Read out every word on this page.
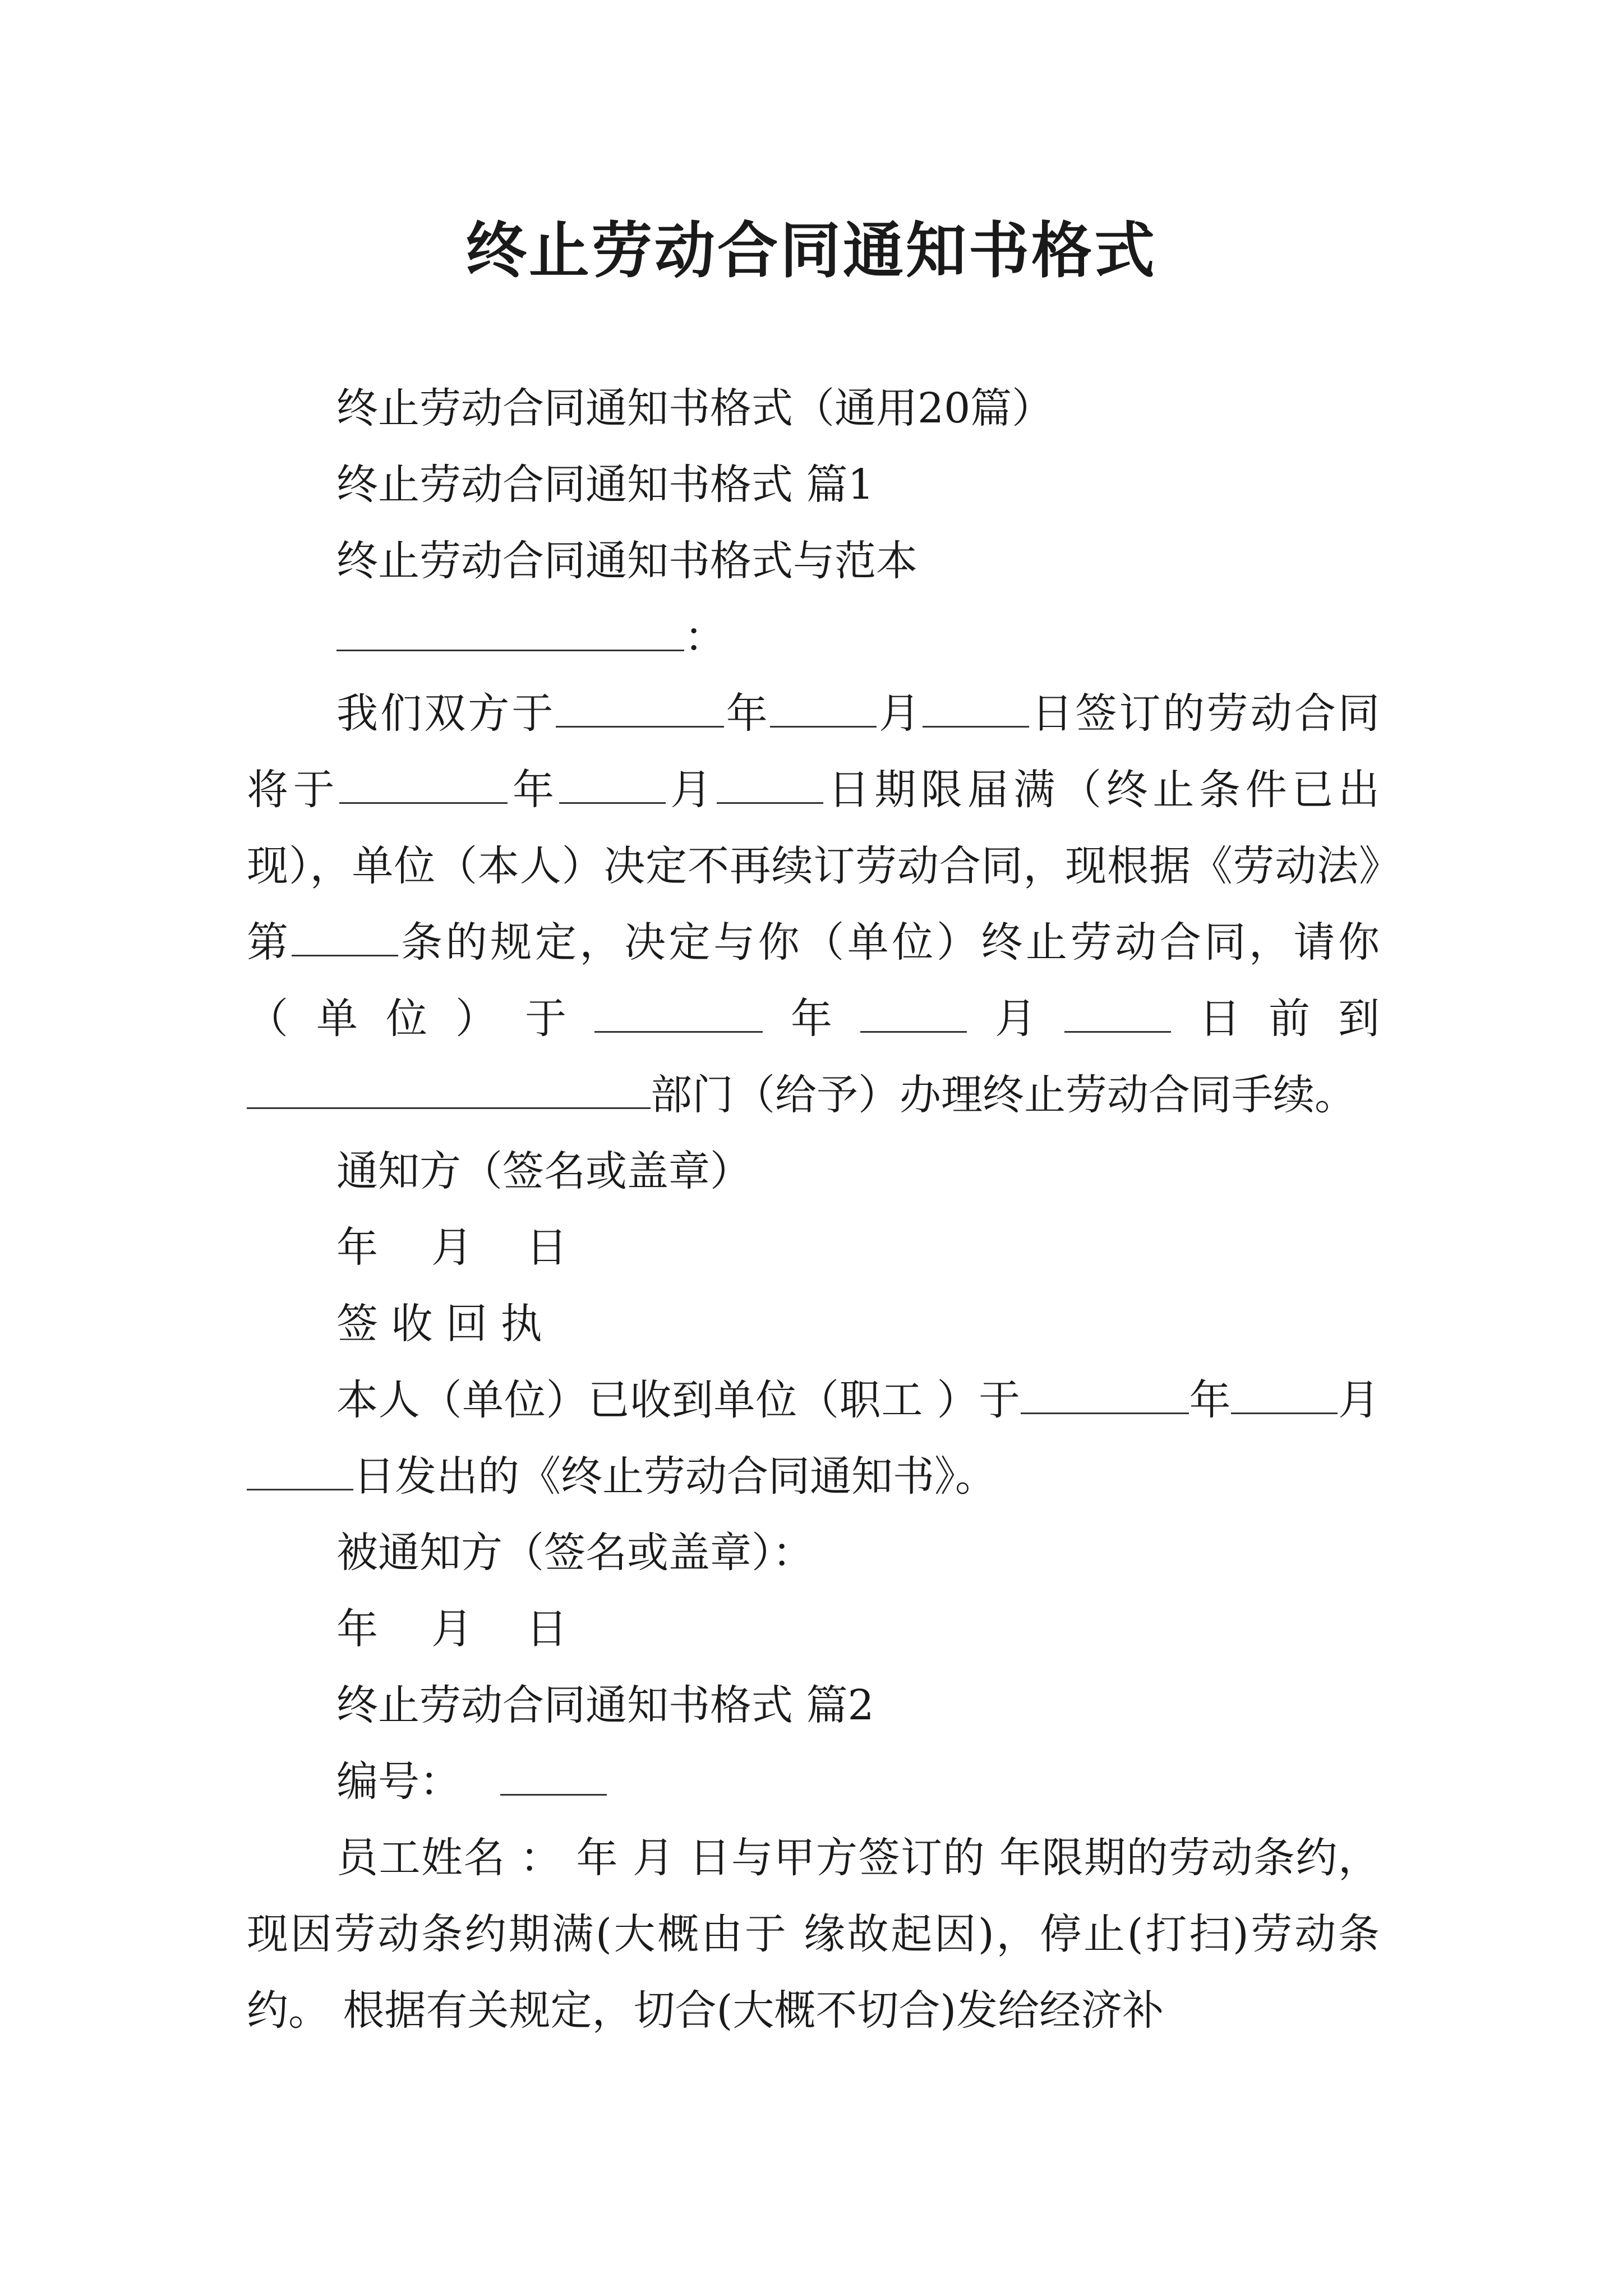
终止劳动合同通知书格式

终止劳动合同通知书格式（通用20篇）

终止劳动合同通知书格式 篇1

终止劳动合同通知书格式与范本

：

我们双方于	年	月	日签订的劳动合同将于	年	月	日期限届满（终止条件已出现），单位（本人）决定不再续订劳动合同，现根据《劳动法》第	条的规定，决定与你（单位）终止劳动合同，请你（单位）于	年	月	日前到部门（给予）办理终止劳动合同手续。

通知方（签名或盖章）

年 月 日

签 收 回 执

本人（单位）已收到单位（职工 ）于	年	月日发出的《终止劳动合同通知书》。

被通知方（签名或盖章）：

年 月 日

终止劳动合同通知书格式 篇2

编号：

员工姓名 ： 年 月 日与甲方签订的 年限期的劳动条约，现因劳动条约期满(大概由于 缘故起因)，停止(打扫)劳动条约。 根据有关规定，切合(大概不切合)发给经济补
